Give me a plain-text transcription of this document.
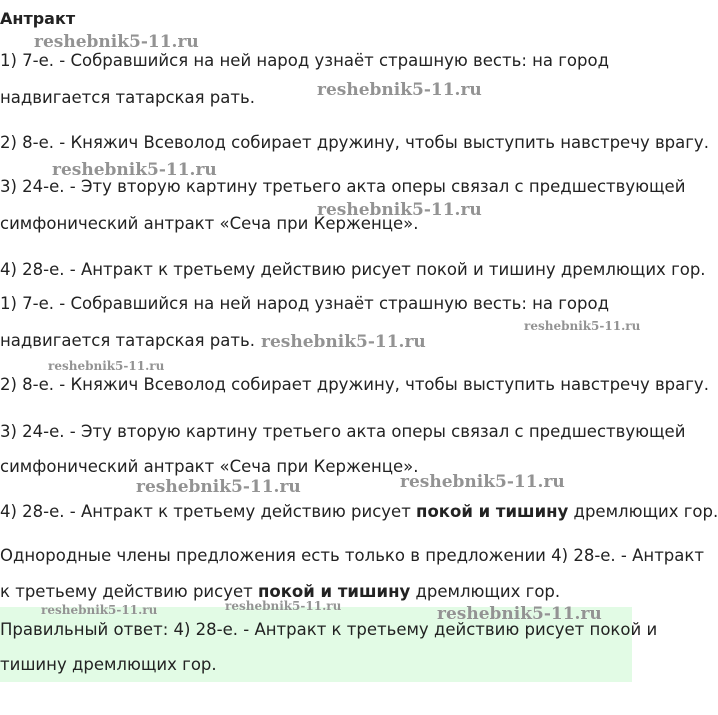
Антракт
1) 7-е. - Собравшийся на ней народ узнаёт страшную весть: на город
надвигается татарская рать.
2) 8-е. - Княжич Всеволод собирает дружину, чтобы выступить навстречу врагу.
3) 24-е. - Эту вторую картину третьего акта оперы связал с предшествующей
симфонический антракт «Сеча при Керженце».
4) 28-е. - Антракт к третьему действию рисует покой и тишину дремлющих гор.
1) 7-е. - Собравшийся на ней народ узнаёт страшную весть: на город
надвигается татарская рать.
2) 8-е. - Княжич Всеволод собирает дружину, чтобы выступить навстречу врагу.
3) 24-е. - Эту вторую картину третьего акта оперы связал с предшествующей
симфонический антракт «Сеча при Керженце».
4) 28-е. - Антракт к третьему действию рисует покой и тишину дремлющих гор.
Однородные члены предложения есть только в предложении 4) 28-е. - Антракт
к третьему действию рисует покой и тишину дремлющих гор.
Правильный ответ: 4) 28-е. - Антракт к третьему действию рисует покой и
тишину дремлющих гор.
reshebnik5-11.ru
reshebnik5-11.ru
reshebnik5-11.ru
reshebnik5-11.ru
reshebnik5-11.ru
reshebnik5-11.ru
reshebnik5-11.ru
reshebnik5-11.ru
reshebnik5-11.ru
reshebnik5-11.ru	reshebnik5-11.ru	reshebnik5-11.ru
